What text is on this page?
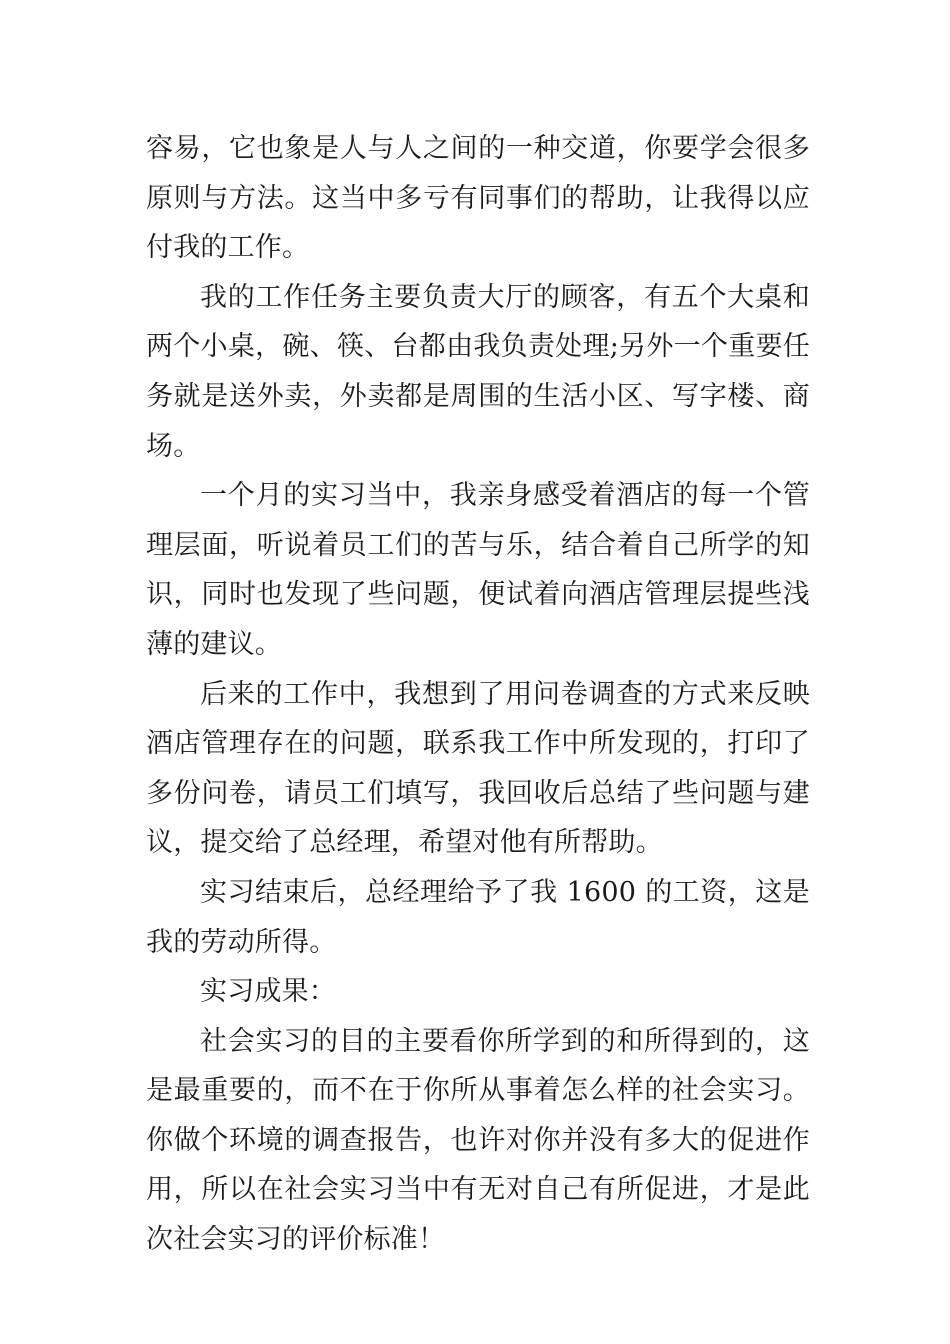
容易，它也象是人与人之间的一种交道，你要学会很多原则与方法。这当中多亏有同事们的帮助，让我得以应付我的工作。

我的工作任务主要负责大厅的顾客，有五个大桌和两个小桌，碗、筷、台都由我负责处理;另外一个重要任务就是送外卖，外卖都是周围的生活小区、写字楼、商场。

一个月的实习当中，我亲身感受着酒店的每一个管理层面，听说着员工们的苦与乐，结合着自己所学的知识，同时也发现了些问题，便试着向酒店管理层提些浅薄的建议。

后来的工作中，我想到了用问卷调查的方式来反映酒店管理存在的问题，联系我工作中所发现的，打印了多份问卷，请员工们填写，我回收后总结了些问题与建议，提交给了总经理，希望对他有所帮助。

实习结束后，总经理给予了我 1600 的工资，这是我的劳动所得。

实习成果：

社会实习的目的主要看你所学到的和所得到的，这是最重要的，而不在于你所从事着怎么样的社会实习。你做个环境的调查报告，也许对你并没有多大的促进作用，所以在社会实习当中有无对自己有所促进，才是此次社会实习的评价标准！
